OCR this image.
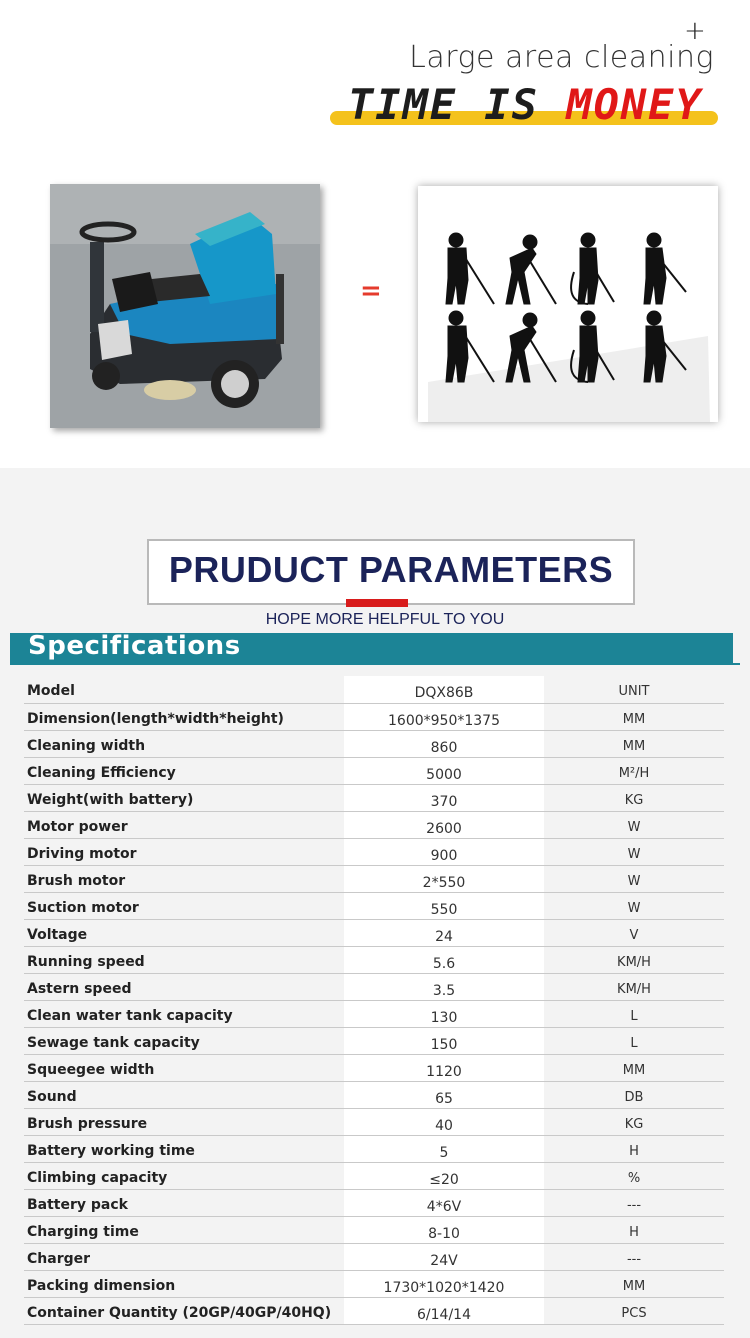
+
Large area cleaning
TIME IS MONEY
=
PRUDUCT PARAMETERS
HOPE MORE HELPFUL TO YOU
Specifications
Model	DQX86B	UNIT
Dimension(length*width*height)	1600*950*1375	MM
Cleaning width	860	MM
Cleaning Efficiency	5000	M²/H
Weight(with battery)	370	KG
Motor power	2600	W
Driving motor	900	W
Brush motor	2*550	W
Suction motor	550	W
Voltage	24	V
Running speed	5.6	KM/H
Astern speed	3.5	KM/H
Clean water tank capacity	130	L
Sewage tank capacity	150	L
Squeegee width	1120	MM
Sound	65	DB
Brush pressure	40	KG
Battery working time	5	H
Climbing capacity	≤20	%
Battery pack	4*6V	---
Charging time	8-10	H
Charger	24V	---
Packing dimension	1730*1020*1420	MM
Container Quantity (20GP/40GP/40HQ)	6/14/14	PCS
